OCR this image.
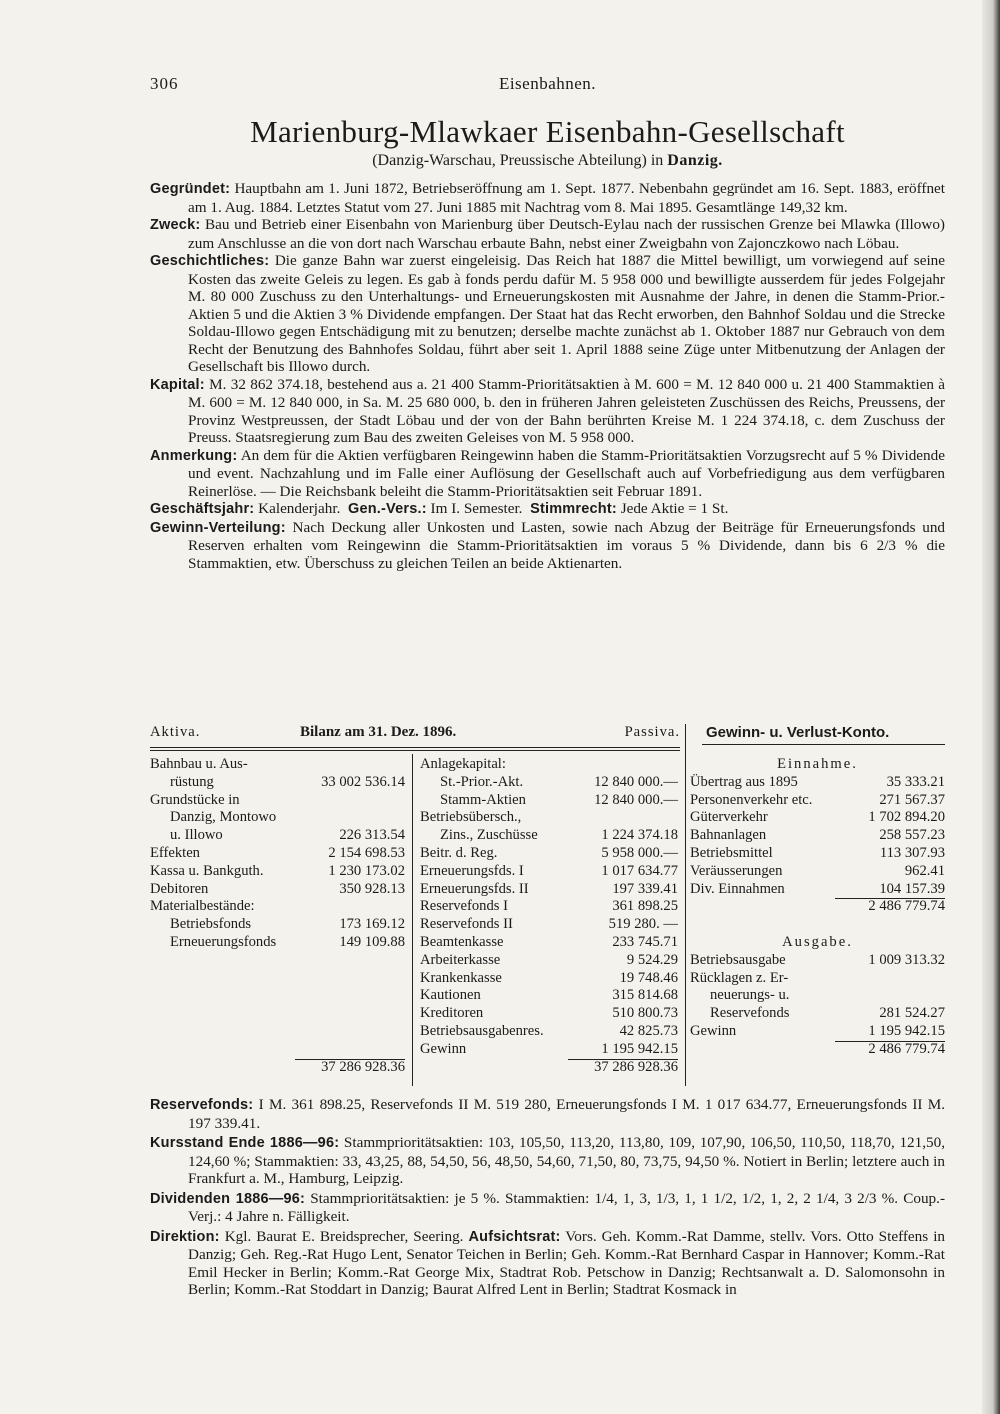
306	Eisenbahnen.
Marienburg-Mlawkaer Eisenbahn-Gesellschaft
(Danzig-Warschau, Preussische Abteilung) in Danzig.

Gegründet: Hauptbahn am 1. Juni 1872, Betriebseröffnung am 1. Sept. 1877. Nebenbahn gegründet am 16. Sept. 1883, eröffnet am 1. Aug. 1884. Letztes Statut vom 27. Juni 1885 mit Nachtrag vom 8. Mai 1895. Gesamtlänge 149,32 km.

Zweck: Bau und Betrieb einer Eisenbahn von Marienburg über Deutsch-Eylau nach der russischen Grenze bei Mlawka (Illowo) zum Anschlusse an die von dort nach Warschau erbaute Bahn, nebst einer Zweigbahn von Zajonczkowo nach Löbau.

Geschichtliches: Die ganze Bahn war zuerst eingeleisig. Das Reich hat 1887 die Mittel bewilligt, um vorwiegend auf seine Kosten das zweite Geleis zu legen. Es gab à fonds perdu dafür M. 5 958 000 und bewilligte ausserdem für jedes Folgejahr M. 80 000 Zuschuss zu den Unterhaltungs- und Erneuerungskosten mit Ausnahme der Jahre, in denen die Stamm-Prior.-Aktien 5 und die Aktien 3 % Dividende empfangen. Der Staat hat das Recht erworben, den Bahnhof Soldau und die Strecke Soldau-Illowo gegen Entschädigung mit zu benutzen; derselbe machte zunächst ab 1. Oktober 1887 nur Gebrauch von dem Recht der Benutzung des Bahnhofes Soldau, führt aber seit 1. April 1888 seine Züge unter Mitbenutzung der Anlagen der Gesellschaft bis Illowo durch.

Kapital: M. 32 862 374.18, bestehend aus a. 21 400 Stamm-Prioritätsaktien à M. 600 = M. 12 840 000 u. 21 400 Stammaktien à M. 600 = M. 12 840 000, in Sa. M. 25 680 000, b. den in früheren Jahren geleisteten Zuschüssen des Reichs, Preussens, der Provinz Westpreussen, der Stadt Löbau und der von der Bahn berührten Kreise M. 1 224 374.18, c. dem Zuschuss der Preuss. Staatsregierung zum Bau des zweiten Geleises von M. 5 958 000.

Anmerkung: An dem für die Aktien verfügbaren Reingewinn haben die Stamm-Prioritätsaktien Vorzugsrecht auf 5 % Dividende und event. Nachzahlung und im Falle einer Auflösung der Gesellschaft auch auf Vorbefriedigung aus dem verfügbaren Reinerlöse. — Die Reichsbank beleiht die Stamm-Prioritätsaktien seit Februar 1891.

Geschäftsjahr: Kalenderjahr. Gen.-Vers.: Im I. Semester. Stimmrecht: Jede Aktie = 1 St.

Gewinn-Verteilung: Nach Deckung aller Unkosten und Lasten, sowie nach Abzug der Beiträge für Erneuerungsfonds und Reserven erhalten vom Reingewinn die Stamm-Prioritätsaktien im voraus 5 % Dividende, dann bis 6 2/3 % die Stammaktien, etw. Überschuss zu gleichen Teilen an beide Aktienarten.

Aktiva.	Bilanz am 31. Dez. 1896.	Passiva. Gewinn- u. Verlust-Konto.
Bahnbau u. Aus-
rüstung	33 002 536.14
Grundstücke in
Danzig, Montowo
u. Illowo	226 313.54
Effekten	2 154 698.53
Kassa u. Bankguth.	1 230 173.02
Debitoren	350 928.13
Materialbestände:
Betriebsfonds	173 169.12
Erneuerungsfonds	149 109.88
37 286 928.36
Anlagekapital:
St.-Prior.-Akt.	12 840 000.—
Stamm-Aktien	12 840 000.—
Betriebsübersch.,
Zins., Zuschüsse	1 224 374.18
Beitr. d. Reg.	5 958 000.—
Erneuerungsfds. I	1 017 634.77
Erneuerungsfds. II	197 339.41
Reservefonds I	361 898.25
Reservefonds II	519 280. —
Beamtenkasse	233 745.71
Arbeiterkasse	9 524.29
Krankenkasse	19 748.46
Kautionen	315 814.68
Kreditoren	510 800.73
Betriebsausgabenres.	42 825.73
Gewinn	1 195 942.15
37 286 928.36
Einnahme.
Übertrag aus 1895	35 333.21
Personenverkehr etc.	271 567.37
Güterverkehr	1 702 894.20
Bahnanlagen	258 557.23
Betriebsmittel	113 307.93
Veräusserungen	962.41
Div. Einnahmen	104 157.39
2 486 779.74
Ausgabe.
Betriebsausgabe	1 009 313.32
Rücklagen z. Er-
neuerungs- u.
Reservefonds	281 524.27
Gewinn	1 195 942.15
2 486 779.74

Reservefonds: I M. 361 898.25, Reservefonds II M. 519 280, Erneuerungsfonds I M. 1 017 634.77, Erneuerungsfonds II M. 197 339.41.

Kursstand Ende 1886—96: Stammprioritätsaktien: 103, 105,50, 113,20, 113,80, 109, 107,90, 106,50, 110,50, 118,70, 121,50, 124,60 %; Stammaktien: 33, 43,25, 88, 54,50, 56, 48,50, 54,60, 71,50, 80, 73,75, 94,50 %. Notiert in Berlin; letztere auch in Frankfurt a. M., Hamburg, Leipzig.

Dividenden 1886—96: Stammprioritätsaktien: je 5 %. Stammaktien: 1/4, 1, 3, 1/3, 1, 1 1/2, 1/2, 1, 2, 2 1/4, 3 2/3 %. Coup.-Verj.: 4 Jahre n. Fälligkeit.

Direktion: Kgl. Baurat E. Breidsprecher, Seering. Aufsichtsrat: Vors. Geh. Komm.-Rat Damme, stellv. Vors. Otto Steffens in Danzig; Geh. Reg.-Rat Hugo Lent, Senator Teichen in Berlin; Geh. Komm.-Rat Bernhard Caspar in Hannover; Komm.-Rat Emil Hecker in Berlin; Komm.-Rat George Mix, Stadtrat Rob. Petschow in Danzig; Rechtsanwalt a. D. Salomonsohn in Berlin; Komm.-Rat Stoddart in Danzig; Baurat Alfred Lent in Berlin; Stadtrat Kosmack in
